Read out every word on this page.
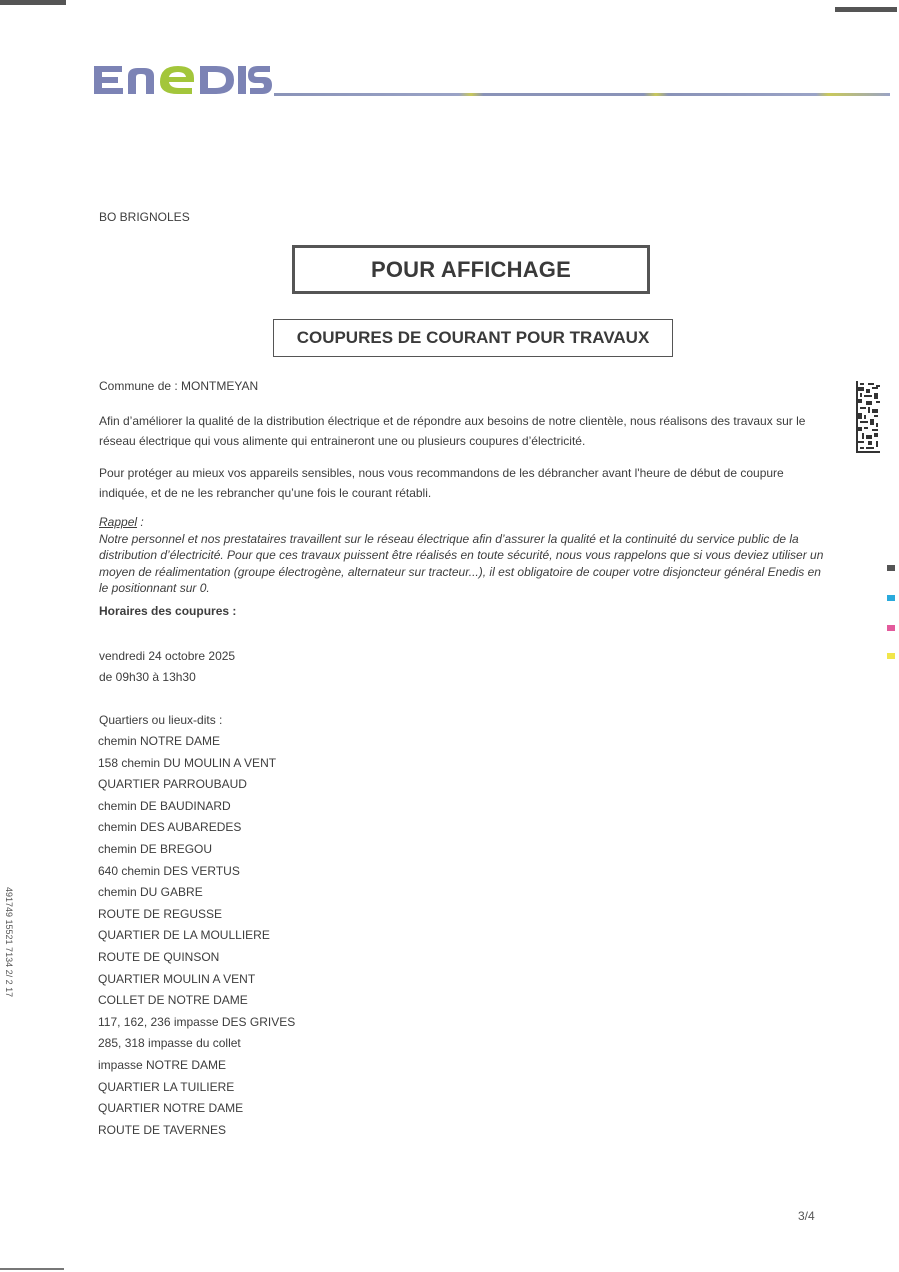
BO BRIGNOLES
POUR AFFICHAGE
COUPURES DE COURANT POUR TRAVAUX
Commune de : MONTMEYAN
Afin d’améliorer la qualité de la distribution électrique et de répondre aux besoins de notre clientèle, nous réalisons des travaux sur le réseau électrique qui vous alimente qui entraineront une ou plusieurs coupures d’électricité.
Pour protéger au mieux vos appareils sensibles, nous vous recommandons de les débrancher avant l'heure de début de coupure indiquée, et de ne les rebrancher qu’une fois le courant rétabli.
Rappel :
Notre personnel et nos prestataires travaillent sur le réseau électrique afin d’assurer la qualité et la continuité du service public de la distribution d’électricité. Pour que ces travaux puissent être réalisés en toute sécurité, nous vous rappelons que si vous deviez utiliser un moyen de réalimentation (groupe électrogène, alternateur sur tracteur...), il est obligatoire de couper votre disjoncteur général Enedis en le positionnant sur 0.
Horaires des coupures :
vendredi 24 octobre 2025
de 09h30 à 13h30
Quartiers ou lieux-dits :
chemin NOTRE DAME
158 chemin DU MOULIN A VENT
QUARTIER PARROUBAUD
chemin DE BAUDINARD
chemin DES AUBAREDES
chemin DE BREGOU
640 chemin DES VERTUS
chemin DU GABRE
ROUTE DE REGUSSE
QUARTIER DE LA MOULLIERE
ROUTE DE QUINSON
QUARTIER MOULIN A VENT
COLLET DE NOTRE DAME
117, 162, 236 impasse DES GRIVES
285, 318 impasse du collet
impasse NOTRE DAME
QUARTIER LA TUILIERE
QUARTIER NOTRE DAME
ROUTE DE TAVERNES
3/4
491749 15521 7134 2/ 2 17
